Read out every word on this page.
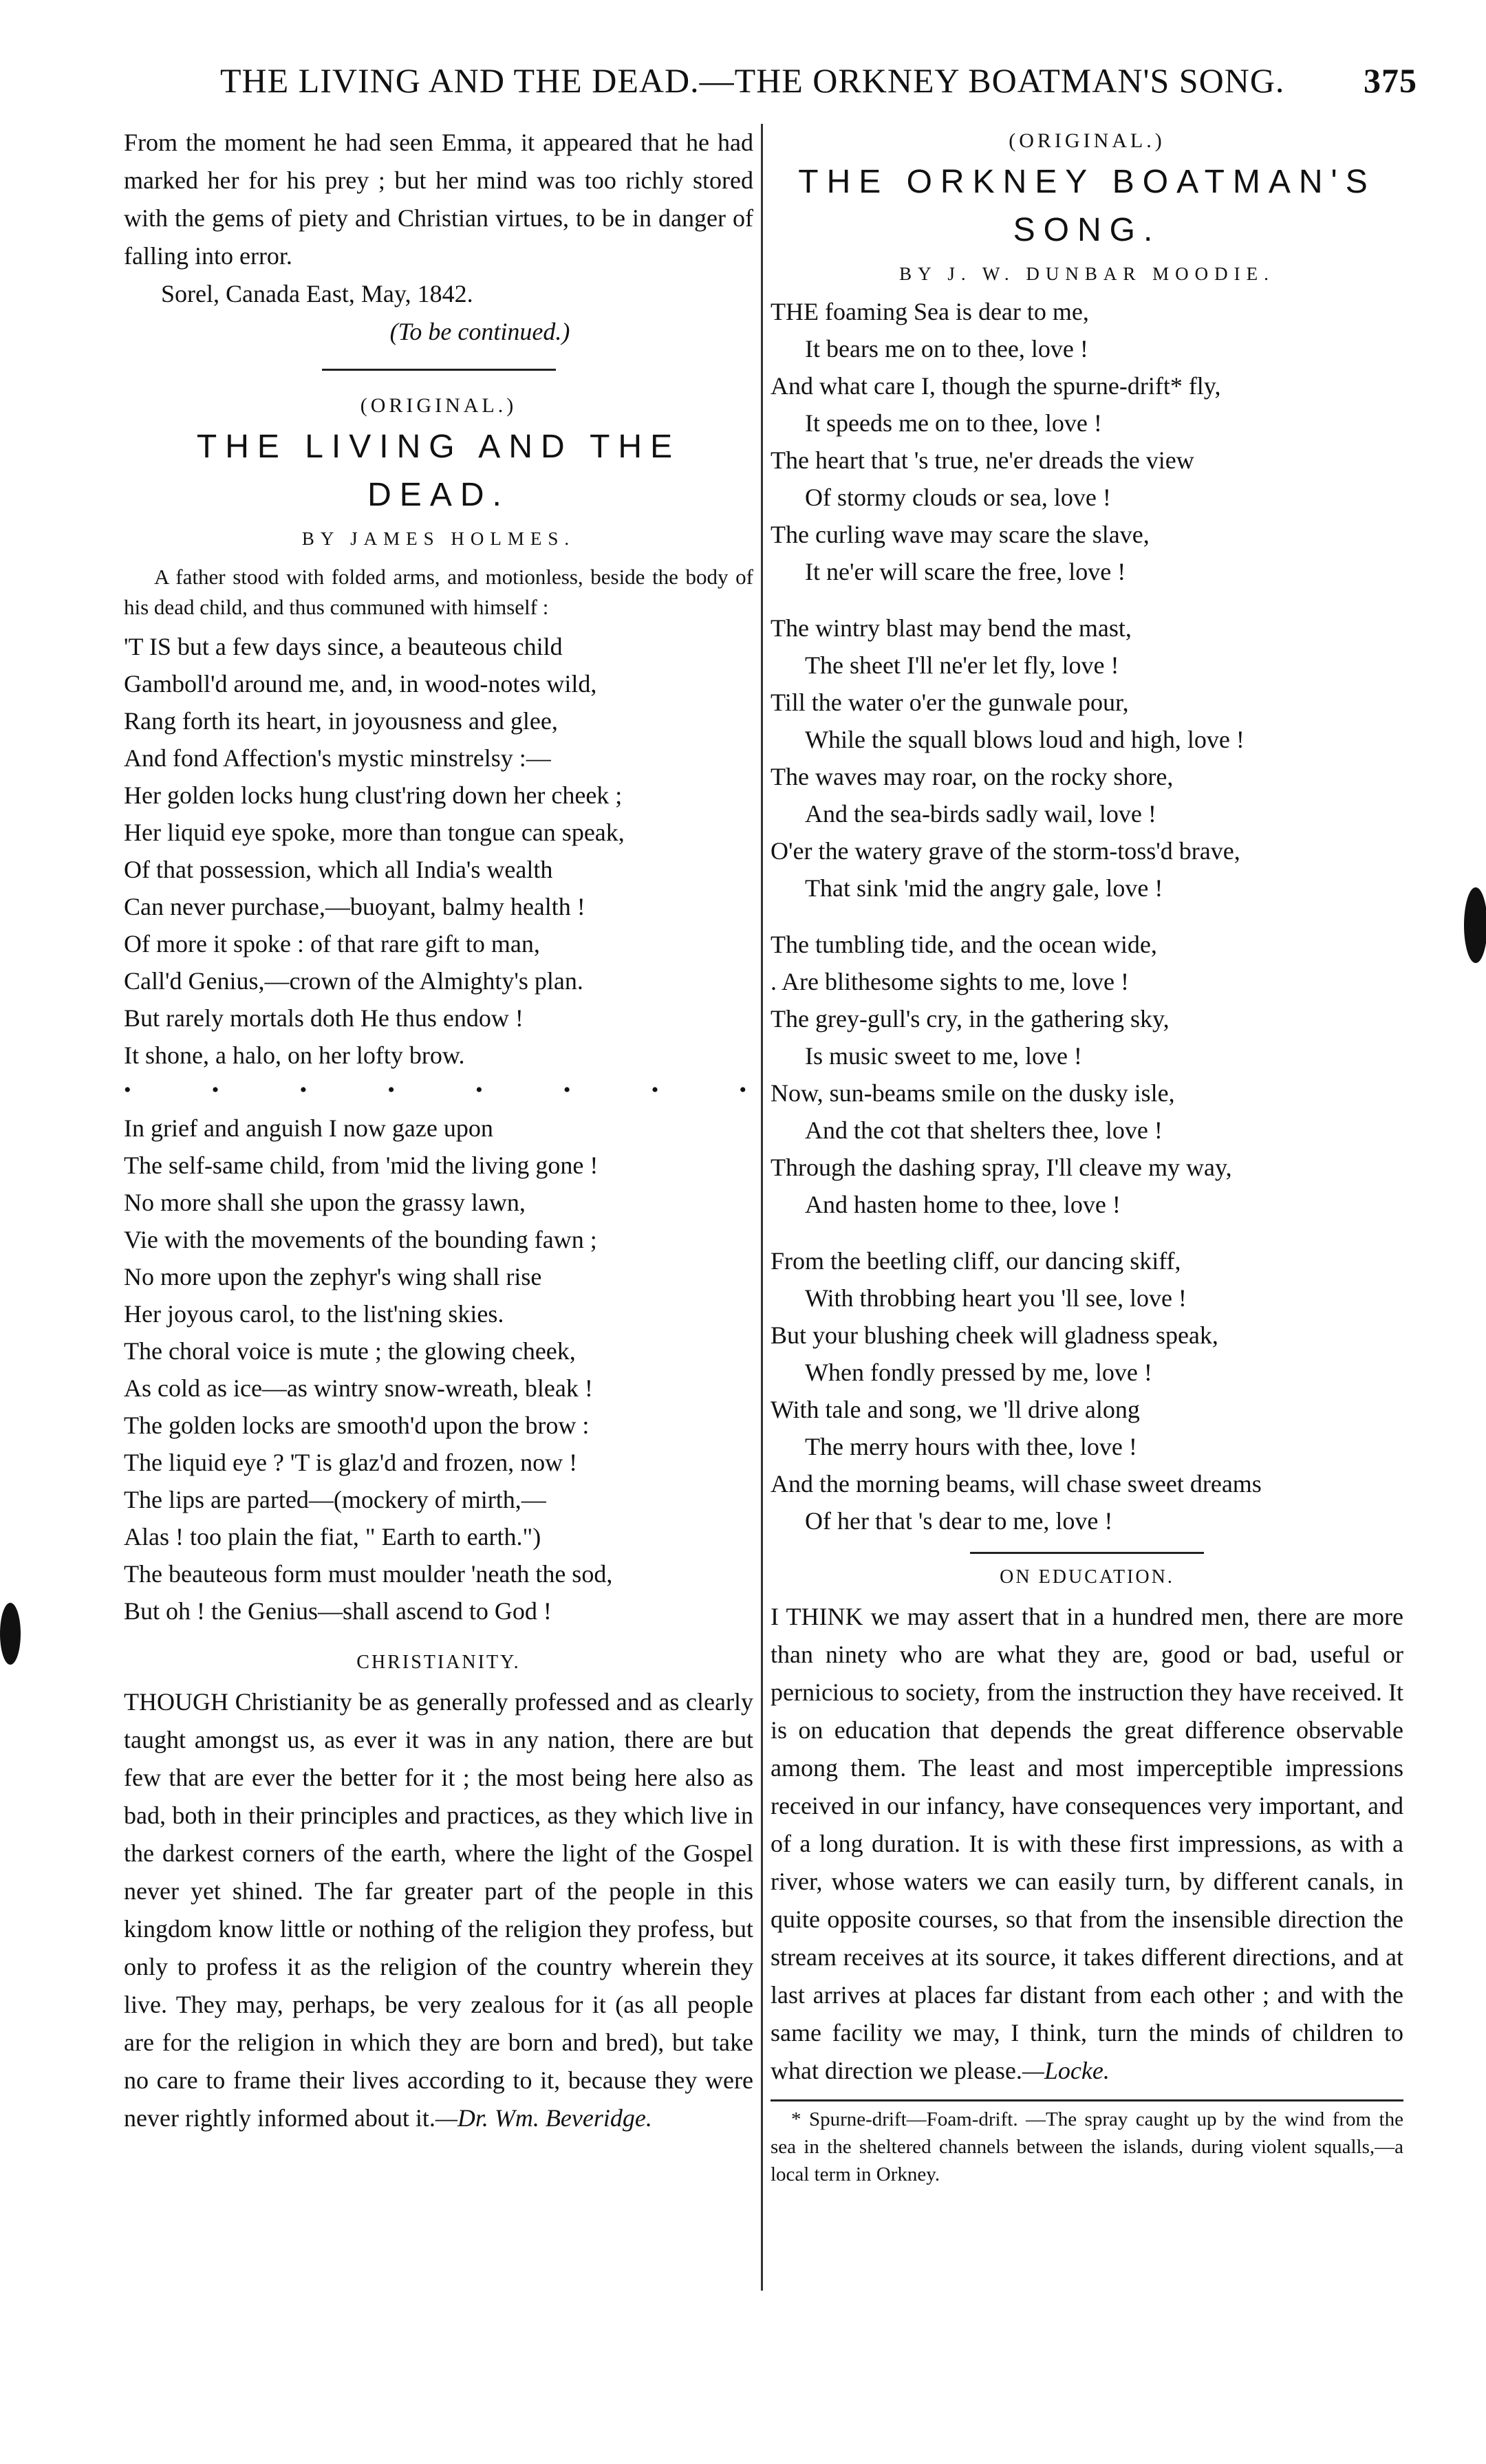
THE LIVING AND THE DEAD.—THE ORKNEY BOATMAN'S SONG. 375

From the moment he had seen Emma, it appeared that he had marked her for his prey ; but her mind was too richly stored with the gems of piety and Christian virtues, to be in danger of falling into error.

Sorel, Canada East, May, 1842.

(To be continued.)

(ORIGINAL.)

THE LIVING AND THE DEAD.

BY JAMES HOLMES.

A father stood with folded arms, and motionless, beside the body of his dead child, and thus communed with himself :

'T IS but a few days since, a beauteous child
Gamboll'd around me, and, in wood-notes wild,
Rang forth its heart, in joyousness and glee,
And fond Affection's mystic minstrelsy :—
Her golden locks hung clust'ring down her cheek ;
Her liquid eye spoke, more than tongue can speak,
Of that possession, which all India's wealth
Can never purchase,—buoyant, balmy health !
Of more it spoke : of that rare gift to man,
Call'd Genius,—crown of the Almighty's plan.
But rarely mortals doth He thus endow !
It shone, a halo, on her lofty brow.
•	•	•	•	•	•	•	•
In grief and anguish I now gaze upon
The self-same child, from 'mid the living gone !
No more shall she upon the grassy lawn,
Vie with the movements of the bounding fawn ;
No more upon the zephyr's wing shall rise
Her joyous carol, to the list'ning skies.
The choral voice is mute ; the glowing cheek,
As cold as ice—as wintry snow-wreath, bleak !
The golden locks are smooth'd upon the brow :
The liquid eye ? 'T is glaz'd and frozen, now !
The lips are parted—(mockery of mirth,—
Alas ! too plain the fiat, " Earth to earth.")
The beauteous form must moulder 'neath the sod,
But oh ! the Genius—shall ascend to God !

CHRISTIANITY.

THOUGH Christianity be as generally professed and as clearly taught amongst us, as ever it was in any nation, there are but few that are ever the better for it ; the most being here also as bad, both in their principles and practices, as they which live in the darkest corners of the earth, where the light of the Gospel never yet shined. The far greater part of the people in this kingdom know little or nothing of the religion they profess, but only to profess it as the religion of the country wherein they live. They may, perhaps, be very zealous for it (as all people are for the religion in which they are born and bred), but take no care to frame their lives according to it, because they were never rightly informed about it.—Dr. Wm. Beveridge.

(ORIGINAL.)

THE ORKNEY BOATMAN'S SONG.

BY J. W. DUNBAR MOODIE.

THE foaming Sea is dear to me,
It bears me on to thee, love !
And what care I, though the spurne-drift* fly,
It speeds me on to thee, love !
The heart that 's true, ne'er dreads the view
Of stormy clouds or sea, love !
The curling wave may scare the slave,
It ne'er will scare the free, love !
The wintry blast may bend the mast,
The sheet I'll ne'er let fly, love !
Till the water o'er the gunwale pour,
While the squall blows loud and high, love !
The waves may roar, on the rocky shore,
And the sea-birds sadly wail, love !
O'er the watery grave of the storm-toss'd brave,
That sink 'mid the angry gale, love !
The tumbling tide, and the ocean wide,
. Are blithesome sights to me, love !
The grey-gull's cry, in the gathering sky,
Is music sweet to me, love !
Now, sun-beams smile on the dusky isle,
And the cot that shelters thee, love !
Through the dashing spray, I'll cleave my way,
And hasten home to thee, love !
From the beetling cliff, our dancing skiff,
With throbbing heart you 'll see, love !
But your blushing cheek will gladness speak,
When fondly pressed by me, love !
With tale and song, we 'll drive along
The merry hours with thee, love !
And the morning beams, will chase sweet dreams
Of her that 's dear to me, love !

ON EDUCATION.

I THINK we may assert that in a hundred men, there are more than ninety who are what they are, good or bad, useful or pernicious to society, from the instruction they have received. It is on education that depends the great difference observable among them. The least and most imperceptible impressions received in our infancy, have consequences very important, and of a long duration. It is with these first impressions, as with a river, whose waters we can easily turn, by different canals, in quite opposite courses, so that from the insensible direction the stream receives at its source, it takes different directions, and at last arrives at places far distant from each other ; and with the same facility we may, I think, turn the minds of children to what direction we please.—Locke.

* Spurne-drift—Foam-drift. —The spray caught up by the wind from the sea in the sheltered channels between the islands, during violent squalls,—a local term in Orkney.
